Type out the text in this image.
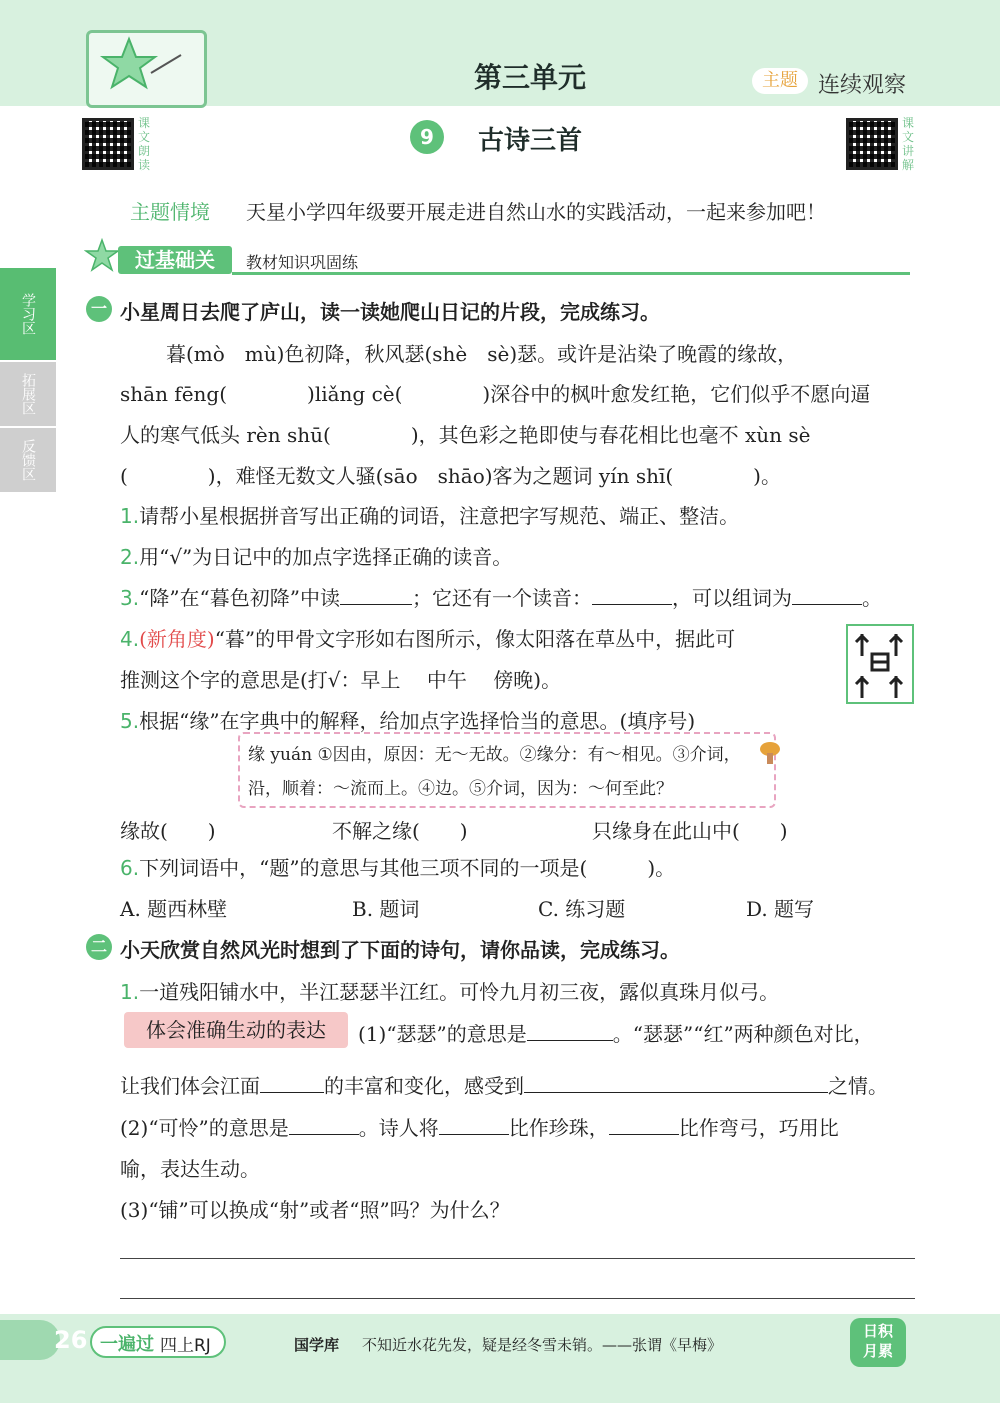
第三单元	主题 连续观察
课文朗读
课文讲解
9	古诗三首
主题情境 天星小学四年级要开展走进自然山水的实践活动，一起来参加吧！
过基础关	教材知识巩固练
学习区
拓展区
反馈区
一 小星周日去爬了庐山，读一读她爬山日记的片段，完成练习。
暮(mò　mù)色初降，秋风瑟(shè　sè)瑟。或许是沾染了晚霞的缘故，
shān fēng(　　　　)liǎng cè(　　　　)深谷中的枫叶愈发红艳，它们似乎不愿向逼
人的寒气低头 rèn shū(　　　　)，其色彩之艳即使与春花相比也毫不 xùn sè
(　　　　)，难怪无数文人骚(sāo　shāo)客为之题词 yín shī(　　　　)。
1.请帮小星根据拼音写出正确的词语，注意把字写规范、端正、整洁。
2.用“√”为日记中的加点字选择正确的读音。
3.“降”在“暮色初降”中读	；它还有一个读音：	，可以组词为	。
4.(新角度)“暮”的甲骨文字形如右图所示，像太阳落在草丛中，据此可
推测这个字的意思是(打√：早上　 中午　 傍晚)。
5.根据“缘”在字典中的解释，给加点字选择恰当的意思。(填序号)
缘 yuán ①因由，原因：无～无故。②缘分：有～相见。③介词，
沿，顺着：～流而上。④边。⑤介词，因为：～何至此？
缘故(　　)	不解之缘(　　)	只缘身在此山中(　　)
6.下列词语中，“题”的意思与其他三项不同的一项是(　　　)。
A. 题西林壁	B. 题词	C. 练习题	D. 题写
二 小天欣赏自然风光时想到了下面的诗句，请你品读，完成练习。
1.一道残阳铺水中，半江瑟瑟半江红。可怜九月初三夜，露似真珠月似弓。
体会准确生动的表达	(1)“瑟瑟”的意思是	。“瑟瑟”“红”两种颜色对比，
让我们体会江面	的丰富和变化，感受到	之情。
(2)“可怜”的意思是	。诗人将	比作珍珠，	比作弯弓，巧用比
喻，表达生动。
(3)“铺”可以换成“射”或者“照”吗？为什么？
26 一遍过 四上RJ	国学库 不知近水花先发，疑是经冬雪未销。——张谓《早梅》
日积
月累
